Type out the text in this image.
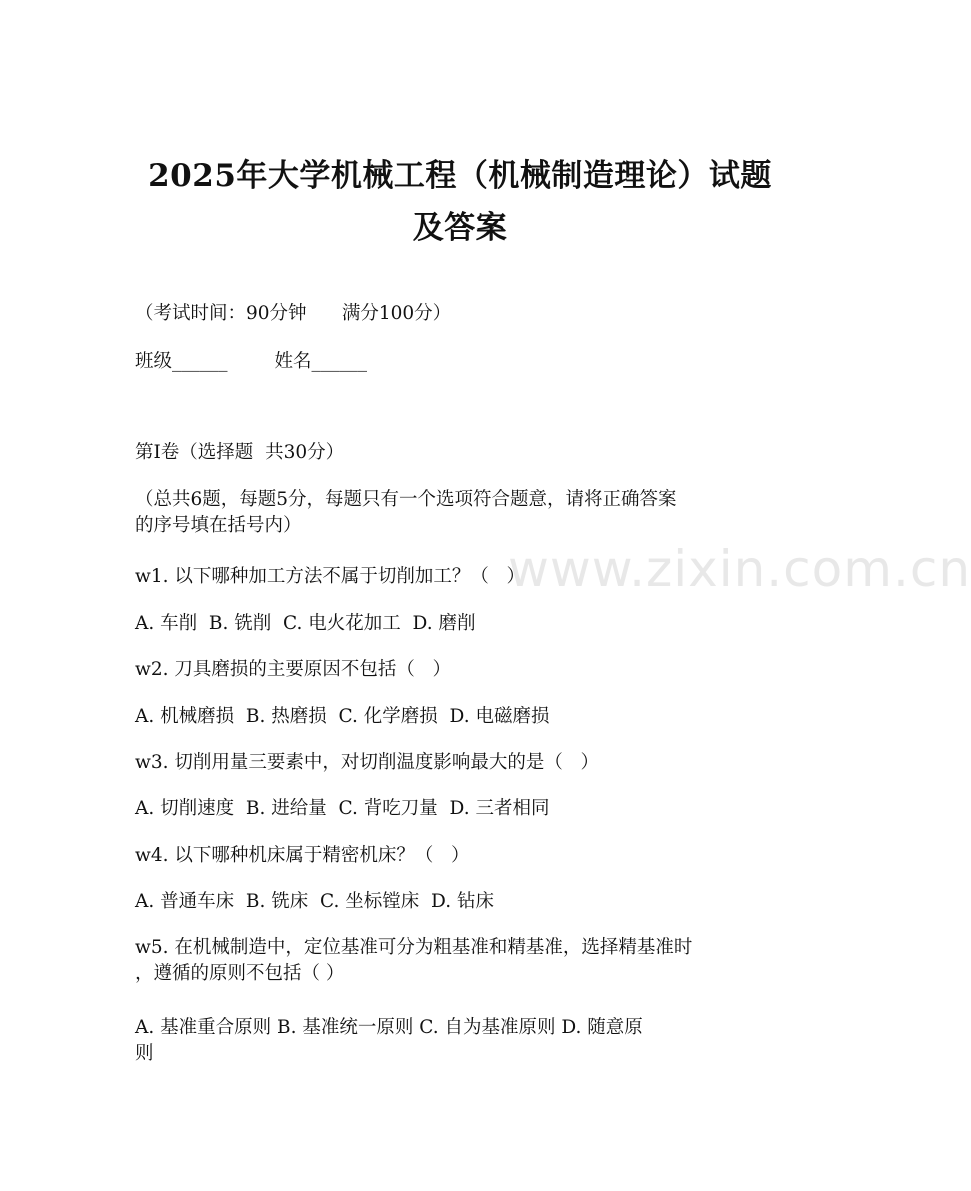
2025年大学机械工程（机械制造理论）试题
及答案
（考试时间：90分钟      满分100分）
班级______        姓名______
第I卷（选择题  共30分）
（总共6题，每题5分，每题只有一个选项符合题意，请将正确答案
的序号填在括号内）
w1. 以下哪种加工方法不属于切削加工？（   ）
A. 车削  B. 铣削  C. 电火花加工  D. 磨削
w2. 刀具磨损的主要原因不包括（   ）
A. 机械磨损  B. 热磨损  C. 化学磨损  D. 电磁磨损
w3. 切削用量三要素中，对切削温度影响最大的是（   ）
A. 切削速度  B. 进给量  C. 背吃刀量  D. 三者相同
w4. 以下哪种机床属于精密机床？（   ）
A. 普通车床  B. 铣床  C. 坐标镗床  D. 钻床
w5. 在机械制造中，定位基准可分为粗基准和精基准，选择精基准时
，遵循的原则不包括（ ）
A. 基准重合原则 B. 基准统一原则 C. 自为基准原则 D. 随意原
则
www.zixin.com.cn
